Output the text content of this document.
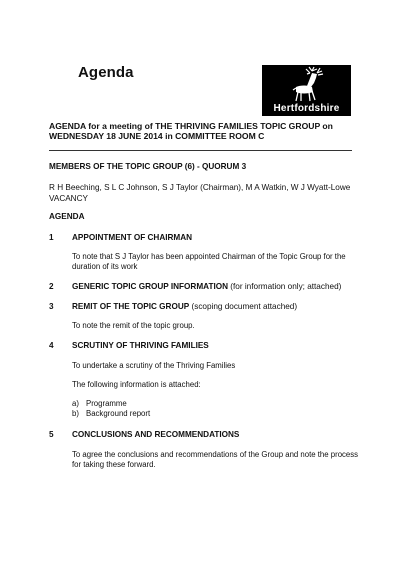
Agenda
Hertfordshire
AGENDA for a meeting of THE THRIVING FAMILIES TOPIC GROUP on WEDNESDAY 18 JUNE 2014 in COMMITTEE ROOM C
MEMBERS OF THE TOPIC GROUP (6) - QUORUM 3
R H Beeching, S L C Johnson, S J Taylor (Chairman), M A Watkin, W J Wyatt-Lowe VACANCY
AGENDA
1 APPOINTMENT OF CHAIRMAN
To note that S J Taylor has been appointed Chairman of the Topic Group for the duration of its work
2 GENERIC TOPIC GROUP INFORMATION (for information only; attached)
3 REMIT OF THE TOPIC GROUP (scoping document attached)
To note the remit of the topic group.
4 SCRUTINY OF THRIVING FAMILIES
To undertake a scrutiny of the Thriving Families
The following information is attached:
a) Programme
b) Background report
5 CONCLUSIONS AND RECOMMENDATIONS
To agree the conclusions and recommendations of the Group and note the process for taking these forward.
